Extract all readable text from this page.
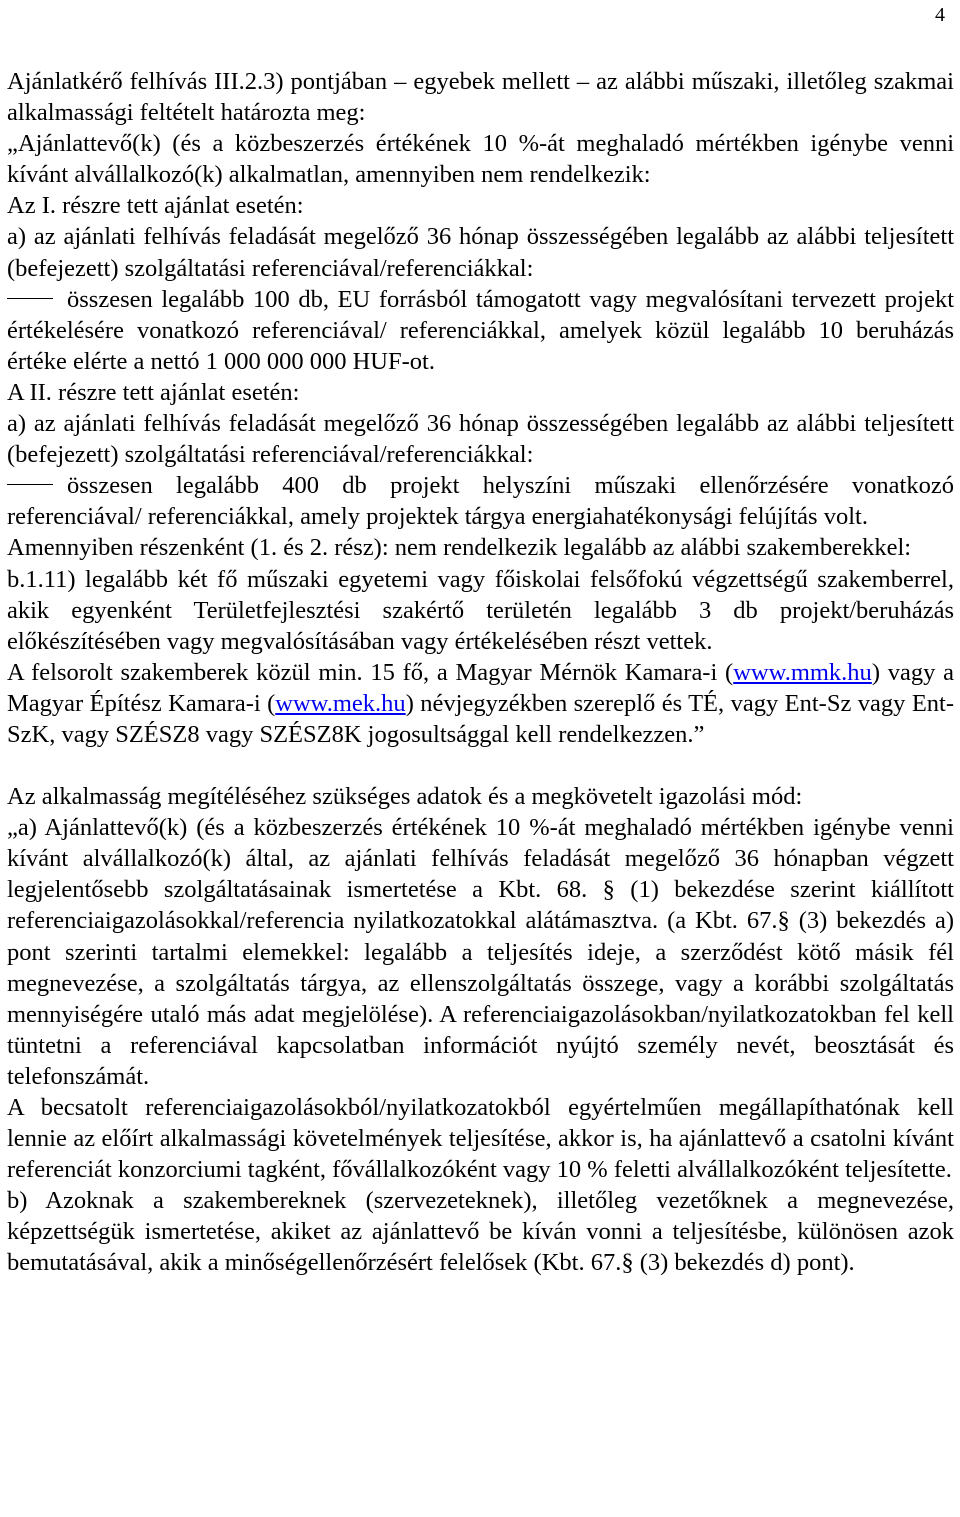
4

Ajánlatkérő felhívás III.2.3) pontjában – egyebek mellett – az alábbi műszaki, illetőleg szakmai alkalmassági feltételt határozta meg:

„Ajánlattevő(k) (és a közbeszerzés értékének 10 %-át meghaladó mértékben igénybe venni kívánt alvállalkozó(k) alkalmatlan, amennyiben nem rendelkezik:

Az I. részre tett ajánlat esetén:

a) az ajánlati felhívás feladását megelőző 36 hónap összességében legalább az alábbi teljesített (befejezett) szolgáltatási referenciával/referenciákkal:

összesen legalább 100 db, EU forrásból támogatott vagy megvalósítani tervezett projekt értékelésére vonatkozó referenciával/ referenciákkal, amelyek közül legalább 10 beruházás értéke elérte a nettó 1 000 000 000 HUF-ot.

A II. részre tett ajánlat esetén:

a) az ajánlati felhívás feladását megelőző 36 hónap összességében legalább az alábbi teljesített (befejezett) szolgáltatási referenciával/referenciákkal:

összesen legalább 400 db projekt helyszíni műszaki ellenőrzésére vonatkozó referenciával/ referenciákkal, amely projektek tárgya energiahatékonysági felújítás volt.

Amennyiben részenként (1. és 2. rész): nem rendelkezik legalább az alábbi szakemberekkel:

b.1.11) legalább két fő műszaki egyetemi vagy főiskolai felsőfokú végzettségű szakemberrel, akik egyenként Területfejlesztési szakértő területén legalább 3 db projekt/beruházás előkészítésében vagy megvalósításában vagy értékelésében részt vettek.

A felsorolt szakemberek közül min. 15 fő, a Magyar Mérnök Kamara-i (www.mmk.hu) vagy a Magyar Építész Kamara-i (www.mek.hu) névjegyzékben szereplő és TÉ, vagy Ent-Sz vagy Ent-SzK, vagy SZÉSZ8 vagy SZÉSZ8K jogosultsággal kell rendelkezzen.”

Az alkalmasság megítéléséhez szükséges adatok és a megkövetelt igazolási mód:

„a) Ajánlattevő(k) (és a közbeszerzés értékének 10 %-át meghaladó mértékben igénybe venni kívánt alvállalkozó(k) által, az ajánlati felhívás feladását megelőző 36 hónapban végzett legjelentősebb szolgáltatásainak ismertetése a Kbt. 68. § (1) bekezdése szerint kiállított referenciaigazolásokkal/referencia nyilatkozatokkal alátámasztva. (a Kbt. 67.§ (3) bekezdés a) pont szerinti tartalmi elemekkel: legalább a teljesítés ideje, a szerződést kötő másik fél megnevezése, a szolgáltatás tárgya, az ellenszolgáltatás összege, vagy a korábbi szolgáltatás mennyiségére utaló más adat megjelölése). A referenciaigazolásokban/nyilatkozatokban fel kell tüntetni a referenciával kapcsolatban információt nyújtó személy nevét, beosztását és telefonszámát.

A becsatolt referenciaigazolásokból/nyilatkozatokból egyértelműen megállapíthatónak kell lennie az előírt alkalmassági követelmények teljesítése, akkor is, ha ajánlattevő a csatolni kívánt referenciát konzorciumi tagként, fővállalkozóként vagy 10 % feletti alvállalkozóként teljesítette.

b) Azoknak a szakembereknek (szervezeteknek), illetőleg vezetőknek a megnevezése, képzettségük ismertetése, akiket az ajánlattevő be kíván vonni a teljesítésbe, különösen azok bemutatásával, akik a minőségellenőrzésért felelősek (Kbt. 67.§ (3) bekezdés d) pont).
